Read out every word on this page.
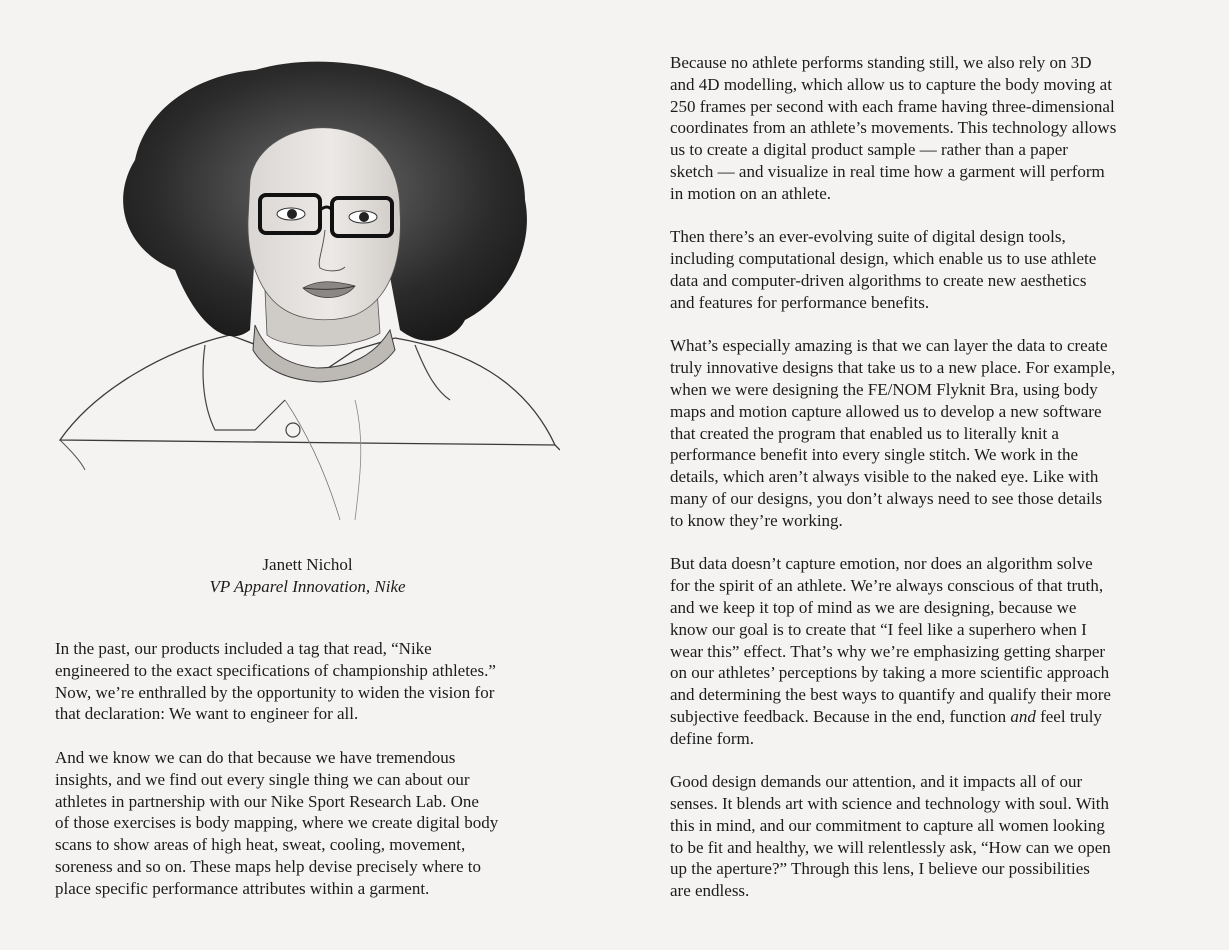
Janett Nichol
VP Apparel Innovation, Nike

In the past, our products included a tag that read, “Nike
engineered to the exact specifications of championship athletes.”
Now, we’re enthralled by the opportunity to widen the vision for
that declaration: We want to engineer for all.

And we know we can do that because we have tremendous
insights, and we find out every single thing we can about our
athletes in partnership with our Nike Sport Research Lab. One
of those exercises is body mapping, where we create digital body
scans to show areas of high heat, sweat, cooling, movement,
soreness and so on. These maps help devise precisely where to
place specific performance attributes within a garment.

Because no athlete performs standing still, we also rely on 3D
and 4D modelling, which allow us to capture the body moving at
250 frames per second with each frame having three-dimensional
coordinates from an athlete’s movements. This technology allows
us to create a digital product sample — rather than a paper
sketch — and visualize in real time how a garment will perform
in motion on an athlete.

Then there’s an ever-evolving suite of digital design tools,
including computational design, which enable us to use athlete
data and computer-driven algorithms to create new aesthetics
and features for performance benefits.

What’s especially amazing is that we can layer the data to create
truly innovative designs that take us to a new place. For example,
when we were designing the FE/NOM Flyknit Bra, using body
maps and motion capture allowed us to develop a new software
that created the program that enabled us to literally knit a
performance benefit into every single stitch. We work in the
details, which aren’t always visible to the naked eye. Like with
many of our designs, you don’t always need to see those details
to know they’re working.

But data doesn’t capture emotion, nor does an algorithm solve
for the spirit of an athlete. We’re always conscious of that truth,
and we keep it top of mind as we are designing, because we
know our goal is to create that “I feel like a superhero when I
wear this” effect. That’s why we’re emphasizing getting sharper
on our athletes’ perceptions by taking a more scientific approach
and determining the best ways to quantify and qualify their more
subjective feedback. Because in the end, function and feel truly
define form.

Good design demands our attention, and it impacts all of our
senses. It blends art with science and technology with soul. With
this in mind, and our commitment to capture all women looking
to be fit and healthy, we will relentlessly ask, “How can we open
up the aperture?” Through this lens, I believe our possibilities
are endless.
